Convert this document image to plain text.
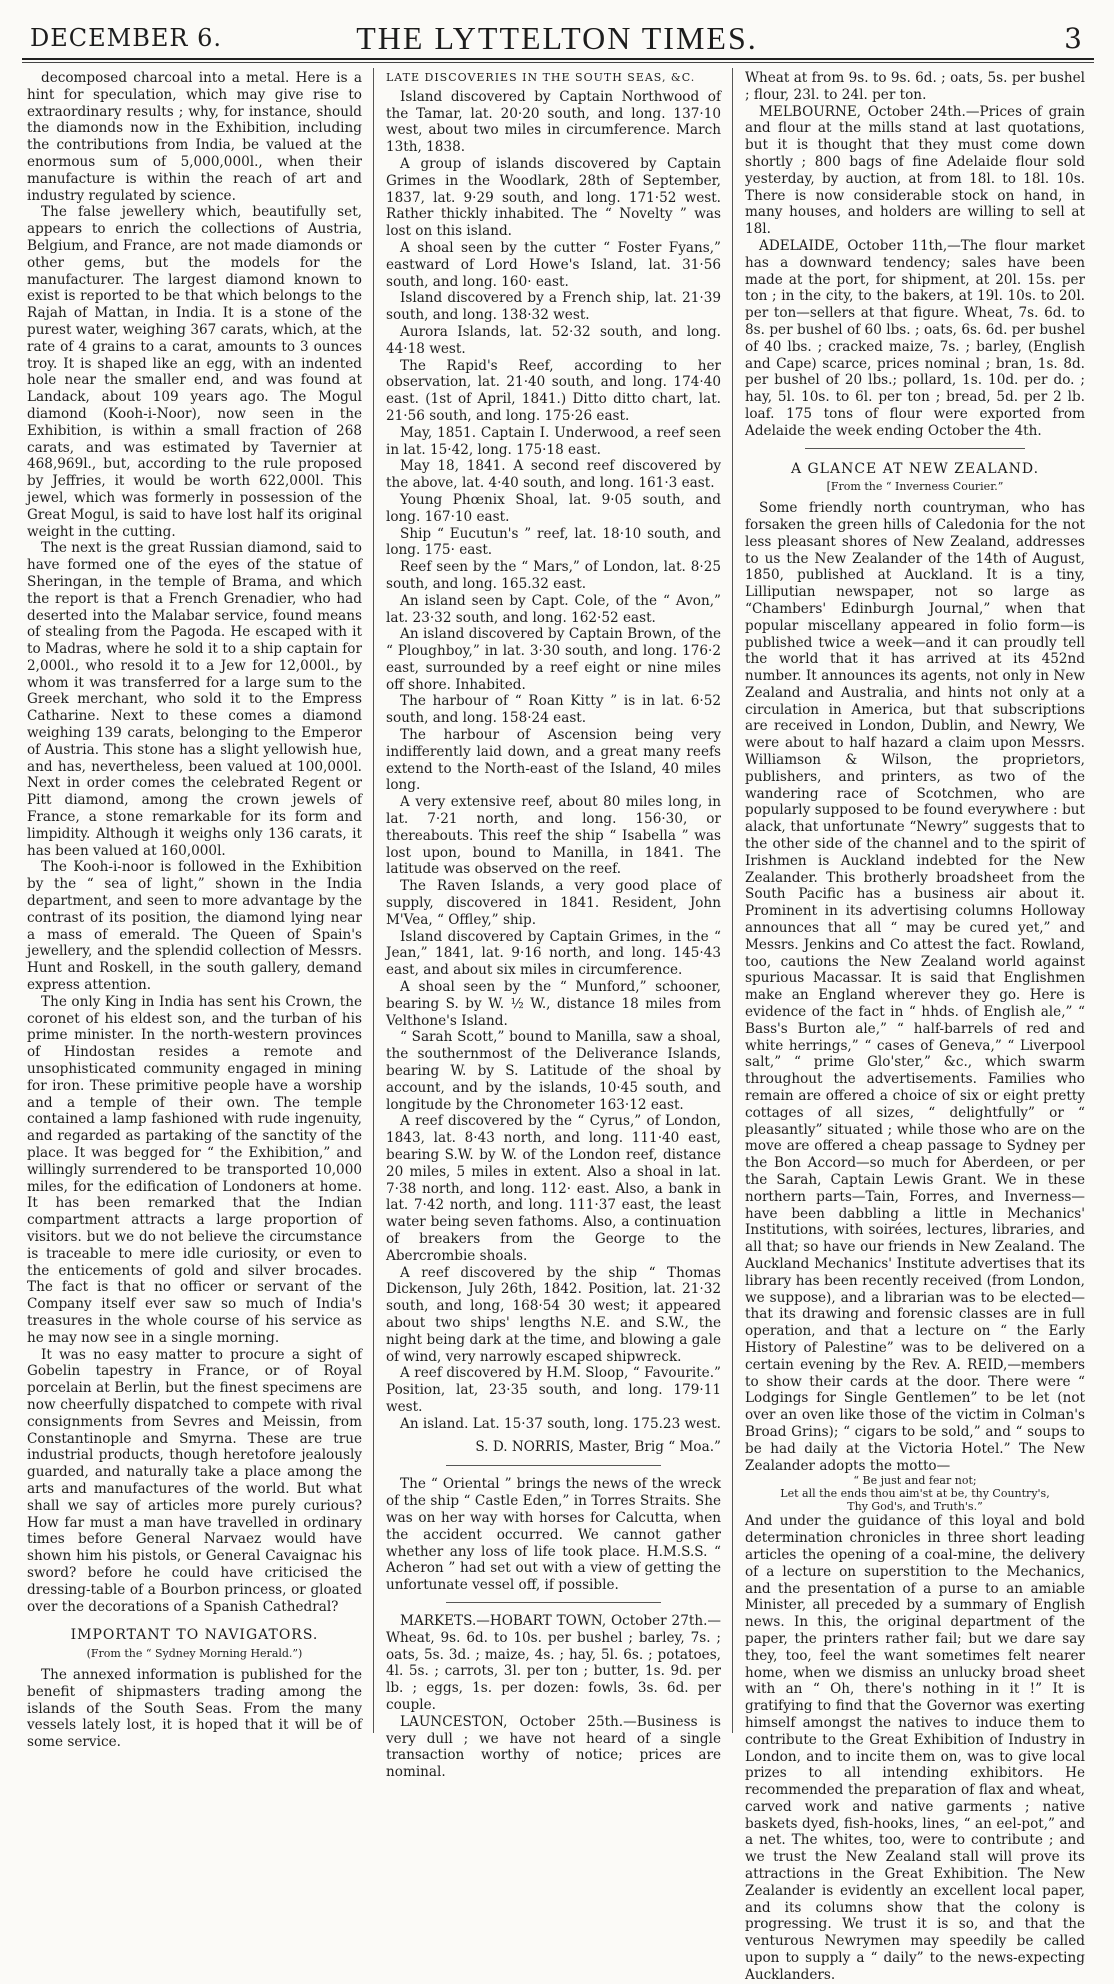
DECEMBER 6.	THE LYTTELTON TIMES.	3

decomposed charcoal into a metal. Here is a hint for speculation, which may give rise to extraordinary results ; why, for instance, should the diamonds now in the Exhibition, including the contributions from India, be valued at the enormous sum of 5,000,000l., when their manufacture is within the reach of art and industry regulated by science.

The false jewellery which, beautifully set, appears to enrich the collections of Austria, Belgium, and France, are not made diamonds or other gems, but the models for the manufacturer. The largest diamond known to exist is reported to be that which belongs to the Rajah of Mattan, in India. It is a stone of the purest water, weighing 367 carats, which, at the rate of 4 grains to a carat, amounts to 3 ounces troy. It is shaped like an egg, with an indented hole near the smaller end, and was found at Landack, about 109 years ago. The Mogul diamond (Kooh-i-Noor), now seen in the Exhibition, is within a small fraction of 268 carats, and was estimated by Tavernier at 468,969l., but, according to the rule proposed by Jeffries, it would be worth 622,000l. This jewel, which was formerly in possession of the Great Mogul, is said to have lost half its original weight in the cutting.

The next is the great Russian diamond, said to have formed one of the eyes of the statue of Sheringan, in the temple of Brama, and which the report is that a French Grenadier, who had deserted into the Malabar service, found means of stealing from the Pagoda. He escaped with it to Madras, where he sold it to a ship captain for 2,000l., who resold it to a Jew for 12,000l., by whom it was transferred for a large sum to the Greek merchant, who sold it to the Empress Catharine. Next to these comes a diamond weighing 139 carats, belonging to the Emperor of Austria. This stone has a slight yellowish hue, and has, nevertheless, been valued at 100,000l. Next in order comes the celebrated Regent or Pitt diamond, among the crown jewels of France, a stone remarkable for its form and limpidity. Although it weighs only 136 carats, it has been valued at 160,000l.

The Kooh-i-noor is followed in the Exhibition by the “ sea of light,” shown in the India department, and seen to more advantage by the contrast of its position, the diamond lying near a mass of emerald. The Queen of Spain's jewellery, and the splendid collection of Messrs. Hunt and Roskell, in the south gallery, demand express attention.

The only King in India has sent his Crown, the coronet of his eldest son, and the turban of his prime minister. In the north-western provinces of Hindostan resides a remote and unsophisticated community engaged in mining for iron. These primitive people have a worship and a temple of their own. The temple contained a lamp fashioned with rude ingenuity, and regarded as partaking of the sanctity of the place. It was begged for “ the Exhibition,” and willingly surrendered to be transported 10,000 miles, for the edification of Londoners at home. It has been remarked that the Indian compartment attracts a large proportion of visitors. but we do not believe the circumstance is traceable to mere idle curiosity, or even to the enticements of gold and silver brocades. The fact is that no officer or servant of the Company itself ever saw so much of India's treasures in the whole course of his service as he may now see in a single morning.

It was no easy matter to procure a sight of Gobelin tapestry in France, or of Royal porcelain at Berlin, but the finest specimens are now cheerfully dispatched to compete with rival consignments from Sevres and Meissin, from Constantinople and Smyrna. These are true industrial products, though heretofore jealously guarded, and naturally take a place among the arts and manufactures of the world. But what shall we say of articles more purely curious? How far must a man have travelled in ordinary times before General Narvaez would have shown him his pistols, or General Cavaignac his sword? before he could have criticised the dressing-table of a Bourbon princess, or gloated over the decorations of a Spanish Cathedral?

IMPORTANT TO NAVIGATORS.
(From the “ Sydney Morning Herald.”)

The annexed information is published for the benefit of shipmasters trading among the islands of the South Seas. From the many vessels lately lost, it is hoped that it will be of some service.

LATE DISCOVERIES IN THE SOUTH SEAS, &C.

Island discovered by Captain Northwood of the Tamar, lat. 20·20 south, and long. 137·10 west, about two miles in circumference. March 13th, 1838.

A group of islands discovered by Captain Grimes in the Woodlark, 28th of September, 1837, lat. 9·29 south, and long. 171·52 west. Rather thickly inhabited. The “ Novelty ” was lost on this island.

A shoal seen by the cutter “ Foster Fyans,” eastward of Lord Howe's Island, lat. 31·56 south, and long. 160· east.

Island discovered by a French ship, lat. 21·39 south, and long. 138·32 west.

Aurora Islands, lat. 52·32 south, and long. 44·18 west.

The Rapid's Reef, according to her observation, lat. 21·40 south, and long. 174·40 east. (1st of April, 1841.) Ditto ditto chart, lat. 21·56 south, and long. 175·26 east.

May, 1851. Captain I. Underwood, a reef seen in lat. 15·42, long. 175·18 east.

May 18, 1841. A second reef discovered by the above, lat. 4·40 south, and long. 161·3 east.

Young Phœnix Shoal, lat. 9·05 south, and long. 167·10 east.

Ship “ Eucutun's ” reef, lat. 18·10 south, and long. 175· east.

Reef seen by the “ Mars,” of London, lat. 8·25 south, and long. 165.32 east.

An island seen by Capt. Cole, of the “ Avon,” lat. 23·32 south, and long. 162·52 east.

An island discovered by Captain Brown, of the “ Ploughboy,” in lat. 3·30 south, and long. 176·2 east, surrounded by a reef eight or nine miles off shore. Inhabited.

The harbour of “ Roan Kitty ” is in lat. 6·52 south, and long. 158·24 east.

The harbour of Ascension being very indifferently laid down, and a great many reefs extend to the North-east of the Island, 40 miles long.

A very extensive reef, about 80 miles long, in lat. 7·21 north, and long. 156·30, or thereabouts. This reef the ship “ Isabella ” was lost upon, bound to Manilla, in 1841. The latitude was observed on the reef.

The Raven Islands, a very good place of supply, discovered in 1841. Resident, John M'Vea, “ Offley,” ship.

Island discovered by Captain Grimes, in the “ Jean,” 1841, lat. 9·16 north, and long. 145·43 east, and about six miles in circumference.

A shoal seen by the “ Munford,” schooner, bearing S. by W. ½ W., distance 18 miles from Velthone's Island.

“ Sarah Scott,” bound to Manilla, saw a shoal, the southernmost of the Deliverance Islands, bearing W. by S. Latitude of the shoal by account, and by the islands, 10·45 south, and longitude by the Chronometer 163·12 east.

A reef discovered by the “ Cyrus,” of London, 1843, lat. 8·43 north, and long. 111·40 east, bearing S.W. by W. of the London reef, distance 20 miles, 5 miles in extent. Also a shoal in lat. 7·38 north, and long. 112· east. Also, a bank in lat. 7·42 north, and long. 111·37 east, the least water being seven fathoms. Also, a continuation of breakers from the George to the Abercrombie shoals.

A reef discovered by the ship “ Thomas Dickenson, July 26th, 1842. Position, lat. 21·32 south, and long, 168·54 30 west; it appeared about two ships' lengths N.E. and S.W., the night being dark at the time, and blowing a gale of wind, very narrowly escaped shipwreck.

A reef discovered by H.M. Sloop, “ Favourite.” Position, lat, 23·35 south, and long. 179·11 west.

An island. Lat. 15·37 south, long. 175.23 west.

S. D. NORRIS, Master, Brig “ Moa.”

The “ Oriental ” brings the news of the wreck of the ship “ Castle Eden,” in Torres Straits. She was on her way with horses for Calcutta, when the accident occurred. We cannot gather whether any loss of life took place. H.M.S.S. “ Acheron ” had set out with a view of getting the unfortunate vessel off, if possible.

MARKETS.—HOBART TOWN, October 27th.—Wheat, 9s. 6d. to 10s. per bushel ; barley, 7s. ; oats, 5s. 3d. ; maize, 4s. ; hay, 5l. 6s. ; potatoes, 4l. 5s. ; carrots, 3l. per ton ; butter, 1s. 9d. per lb. ; eggs, 1s. per dozen: fowls, 3s. 6d. per couple.

LAUNCESTON, October 25th.—Business is very dull ; we have not heard of a single transaction worthy of notice; prices are nominal.

Wheat at from 9s. to 9s. 6d. ; oats, 5s. per bushel ; flour, 23l. to 24l. per ton.

MELBOURNE, October 24th.—Prices of grain and flour at the mills stand at last quotations, but it is thought that they must come down shortly ; 800 bags of fine Adelaide flour sold yesterday, by auction, at from 18l. to 18l. 10s. There is now considerable stock on hand, in many houses, and holders are willing to sell at 18l.

ADELAIDE, October 11th,—The flour market has a downward tendency; sales have been made at the port, for shipment, at 20l. 15s. per ton ; in the city, to the bakers, at 19l. 10s. to 20l. per ton—sellers at that figure. Wheat, 7s. 6d. to 8s. per bushel of 60 lbs. ; oats, 6s. 6d. per bushel of 40 lbs. ; cracked maize, 7s. ; barley, (English and Cape) scarce, prices nominal ; bran, 1s. 8d. per bushel of 20 lbs.; pollard, 1s. 10d. per do. ; hay, 5l. 10s. to 6l. per ton ; bread, 5d. per 2 lb. loaf. 175 tons of flour were exported from Adelaide the week ending October the 4th.

A GLANCE AT NEW ZEALAND.
[From the “ Inverness Courier.”

Some friendly north countryman, who has forsaken the green hills of Caledonia for the not less pleasant shores of New Zealand, addresses to us the New Zealander of the 14th of August, 1850, published at Auckland. It is a tiny, Lilliputian newspaper, not so large as “Chambers' Edinburgh Journal,” when that popular miscellany appeared in folio form—is published twice a week—and it can proudly tell the world that it has arrived at its 452nd number. It announces its agents, not only in New Zealand and Australia, and hints not only at a circulation in America, but that subscriptions are received in London, Dublin, and Newry, We were about to half hazard a claim upon Messrs. Williamson & Wilson, the proprietors, publishers, and printers, as two of the wandering race of Scotchmen, who are popularly supposed to be found everywhere : but alack, that unfortunate “Newry” suggests that to the other side of the channel and to the spirit of Irishmen is Auckland indebted for the New Zealander. This brotherly broadsheet from the South Pacific has a business air about it. Prominent in its advertising columns Holloway announces that all “ may be cured yet,” and Messrs. Jenkins and Co attest the fact. Rowland, too, cautions the New Zealand world against spurious Macassar. It is said that Englishmen make an England wherever they go. Here is evidence of the fact in “ hhds. of English ale,” “ Bass's Burton ale,” “ half-barrels of red and white herrings,” “ cases of Geneva,” “ Liverpool salt,” “ prime Glo'ster,” &c., which swarm throughout the advertisements. Families who remain are offered a choice of six or eight pretty cottages of all sizes, “ delightfully” or “ pleasantly” situated ; while those who are on the move are offered a cheap passage to Sydney per the Bon Accord—so much for Aberdeen, or per the Sarah, Captain Lewis Grant. We in these northern parts—Tain, Forres, and Inverness—have been dabbling a little in Mechanics' Institutions, with soirées, lectures, libraries, and all that; so have our friends in New Zealand. The Auckland Mechanics' Institute advertises that its library has been recently received (from London, we suppose), and a librarian was to be elected—that its drawing and forensic classes are in full operation, and that a lecture on “ the Early History of Palestine” was to be delivered on a certain evening by the Rev. A. REID,—members to show their cards at the door. There were “ Lodgings for Single Gentlemen” to be let (not over an oven like those of the victim in Colman's Broad Grins); “ cigars to be sold,” and “ soups to be had daily at the Victoria Hotel.” The New Zealander adopts the motto—

“ Be just and fear not;
Let all the ends thou aim'st at be, thy Country's,
Thy God's, and Truth's.”

And under the guidance of this loyal and bold determination chronicles in three short leading articles the opening of a coal-mine, the delivery of a lecture on superstition to the Mechanics, and the presentation of a purse to an amiable Minister, all preceded by a summary of English news. In this, the original department of the paper, the printers rather fail; but we dare say they, too, feel the want sometimes felt nearer home, when we dismiss an unlucky broad sheet with an “ Oh, there's nothing in it !” It is gratifying to find that the Governor was exerting himself amongst the natives to induce them to contribute to the Great Exhibition of Industry in London, and to incite them on, was to give local prizes to all intending exhibitors. He recommended the preparation of flax and wheat, carved work and native garments ; native baskets dyed, fish-hooks, lines, “ an eel-pot,” and a net. The whites, too, were to contribute ; and we trust the New Zealand stall will prove its attractions in the Great Exhibition. The New Zealander is evidently an excellent local paper, and its columns show that the colony is progressing. We trust it is so, and that the venturous Newrymen may speedily be called upon to supply a “ daily” to the news-expecting Aucklanders.
